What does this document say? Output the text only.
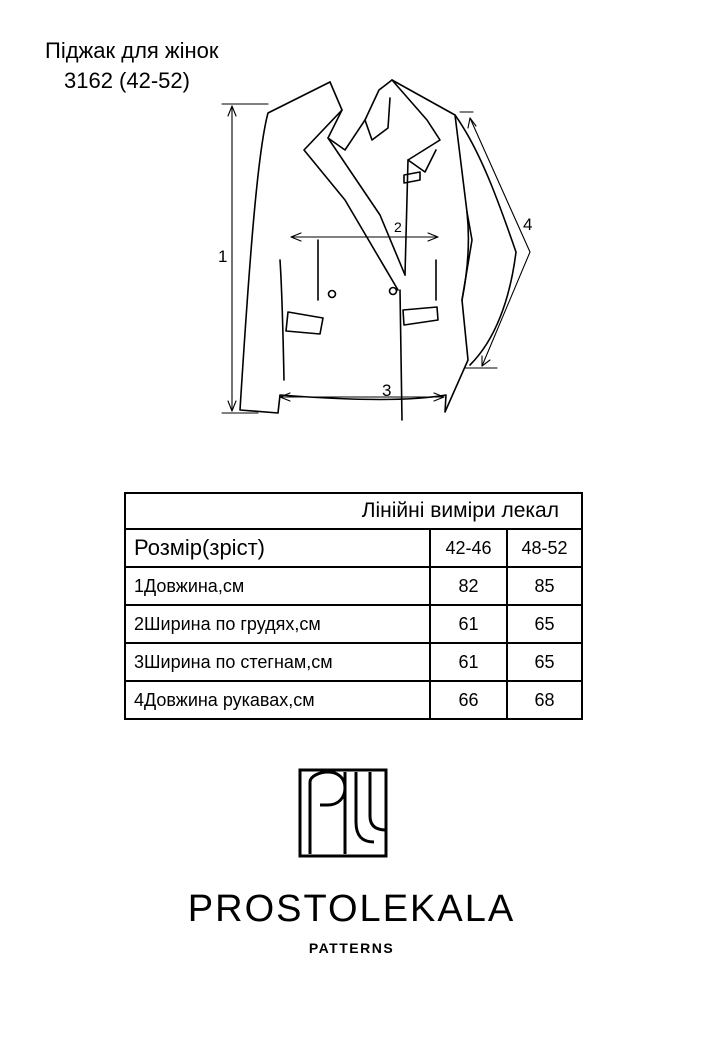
Піджак для жінок
3162 (42-52)
1
2
3
4
Лінійні виміри лекал		
Розмір(зріст)	42-46	48-52
1Довжина,см	82	85
2Ширина по грудях,см	61	65
3Ширина по стегнам,см	61	65
4Довжина рукавах,см	66	68
PROSTOLEKALA
PATTERNS
